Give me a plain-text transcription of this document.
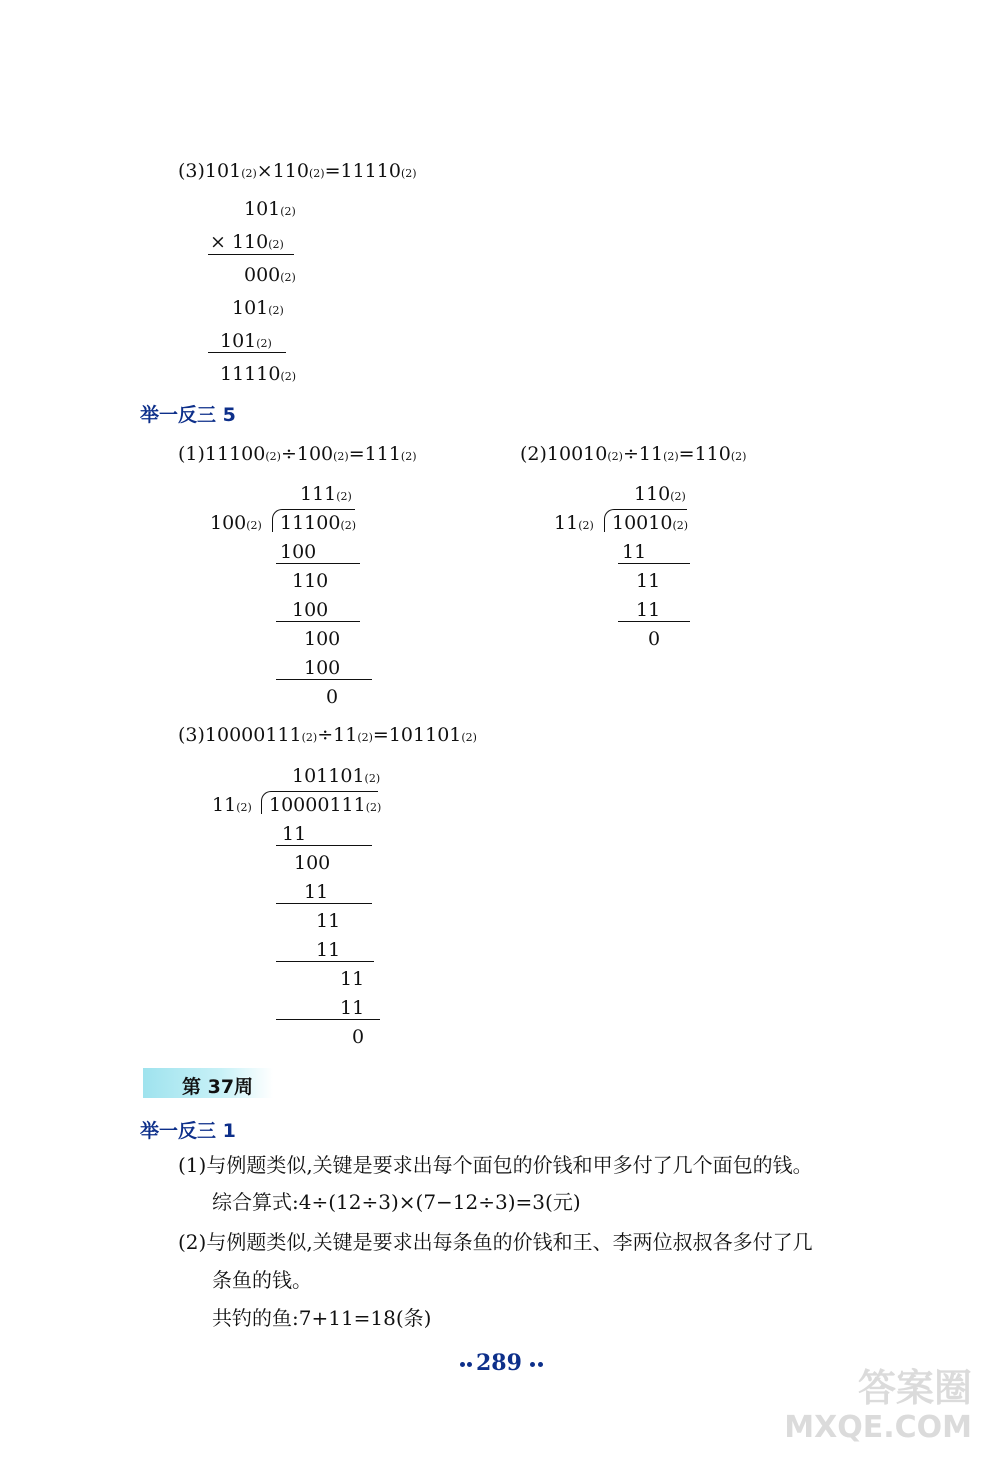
(3)101(2)×110(2)=11110(2)
101(2)
× 110(2)
000(2)
101(2)
101(2)
11110(2)
举一反三 5
(1)11100(2)÷100(2)=111(2)
111(2)
100(2) 11100(2)
100
110
100
100
100
0
(2)10010(2)÷11(2)=110(2)
110(2)
11(2) 10010(2)
11
11
11
0
(3)10000111(2)÷11(2)=101101(2)
101101(2)
11(2) 10000111(2)
11
100
11
11
11
11
11
0
第 37周
举一反三 1
(1)与例题类似,关键是要求出每个面包的价钱和甲多付了几个面包的钱。
综合算式:4÷(12÷3)×(7−12÷3)=3(元)
(2)与例题类似,关键是要求出每条鱼的价钱和王、李两位叔叔各多付了几
条鱼的钱。
共钓的鱼:7+11=18(条)
289
答案圈
MXQE.COM
